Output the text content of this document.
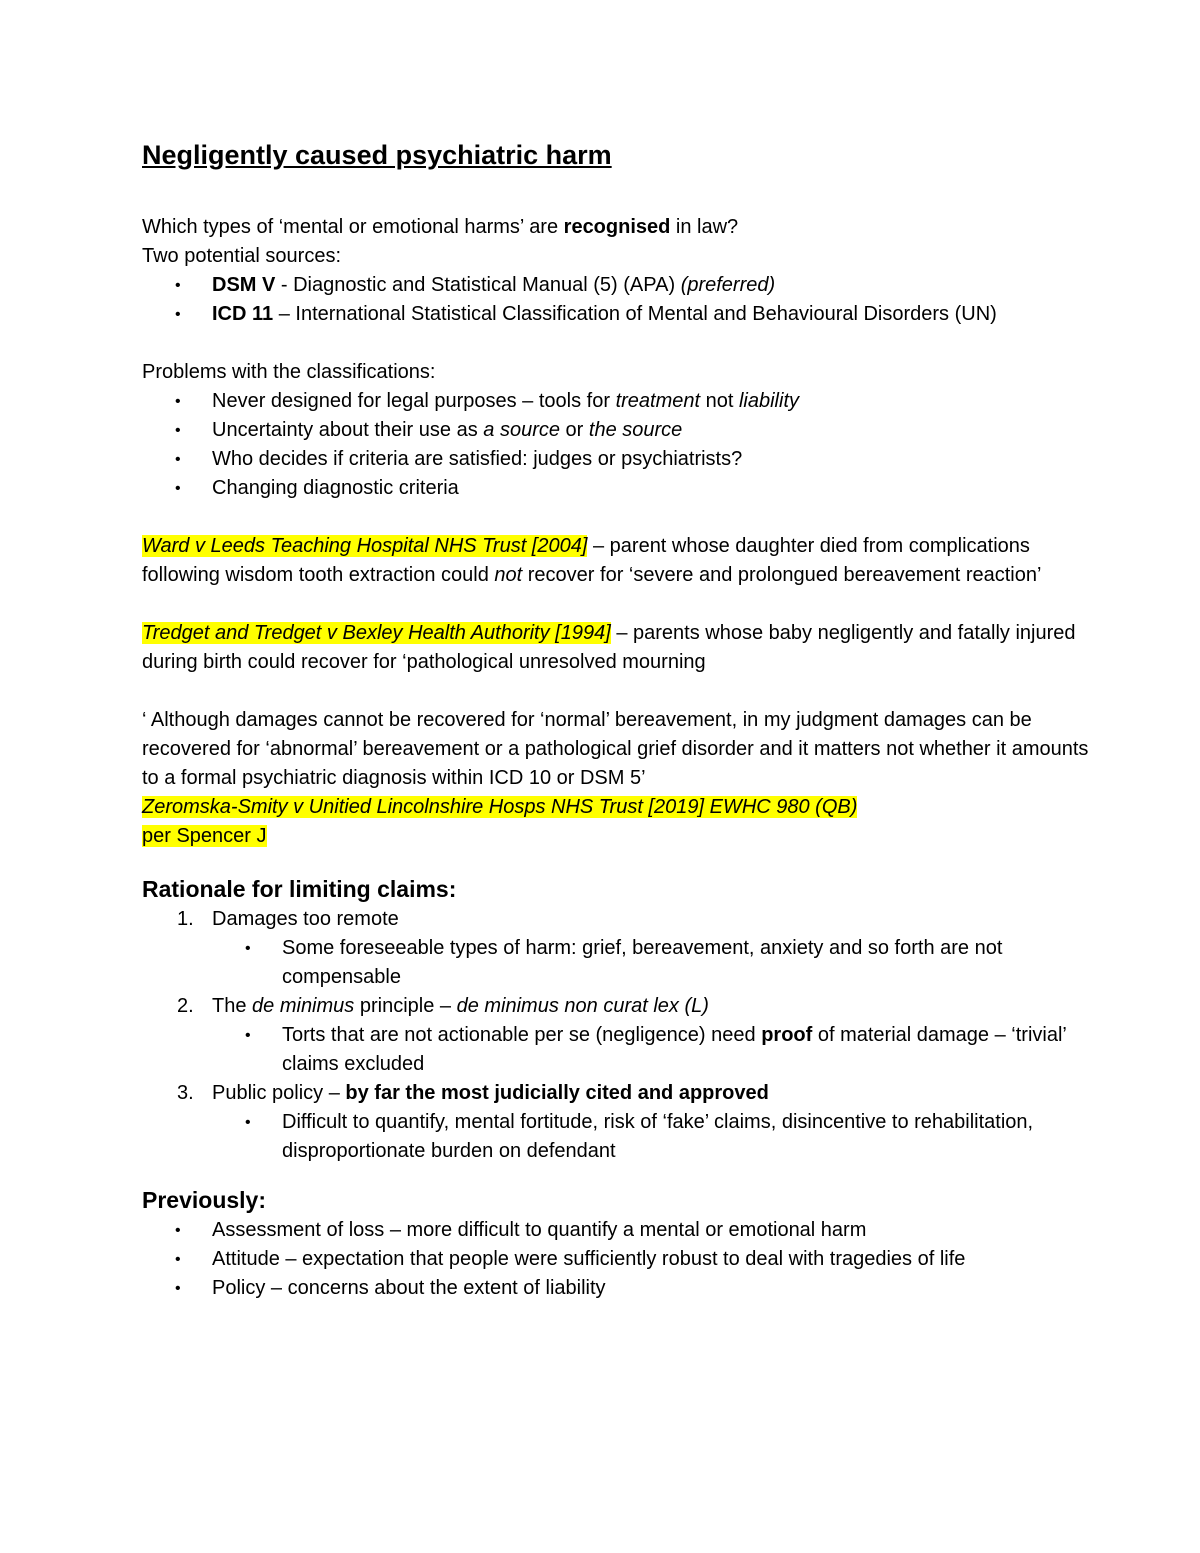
Negligently caused psychiatric harm

Which types of ‘mental or emotional harms’ are recognised in law?

Two potential sources:

• DSM V - Diagnostic and Statistical Manual (5) (APA) (preferred)
• ICD 11 – International Statistical Classification of Mental and Behavioural Disorders (UN)

Problems with the classifications:

• Never designed for legal purposes – tools for treatment not liability
• Uncertainty about their use as a source or the source
• Who decides if criteria are satisfied: judges or psychiatrists?
• Changing diagnostic criteria

Ward v Leeds Teaching Hospital NHS Trust [2004] – parent whose daughter died from complications following wisdom tooth extraction could not recover for ‘severe and prolongued bereavement reaction’

Tredget and Tredget v Bexley Health Authority [1994] – parents whose baby negligently and fatally injured during birth could recover for ‘pathological unresolved mourning

‘ Although damages cannot be recovered for ‘normal’ bereavement, in my judgment damages can be recovered for ‘abnormal’ bereavement or a pathological grief disorder and it matters not whether it amounts to a formal psychiatric diagnosis within ICD 10 or DSM 5’

Zeromska-Smity v Unitied Lincolnshire Hosps NHS Trust [2019] EWHC 980 (QB)

per Spencer J

Rationale for limiting claims:
1. Damages too remote
• Some foreseeable types of harm: grief, bereavement, anxiety and so forth are not compensable
2. The de minimus principle – de minimus non curat lex (L)
• Torts that are not actionable per se (negligence) need proof of material damage – ‘trivial’ claims excluded
3. Public policy – by far the most judicially cited and approved
• Difficult to quantify, mental fortitude, risk of ‘fake’ claims, disincentive to rehabilitation, disproportionate burden on defendant
Previously:
• Assessment of loss – more difficult to quantify a mental or emotional harm
• Attitude – expectation that people were sufficiently robust to deal with tragedies of life
• Policy – concerns about the extent of liability
